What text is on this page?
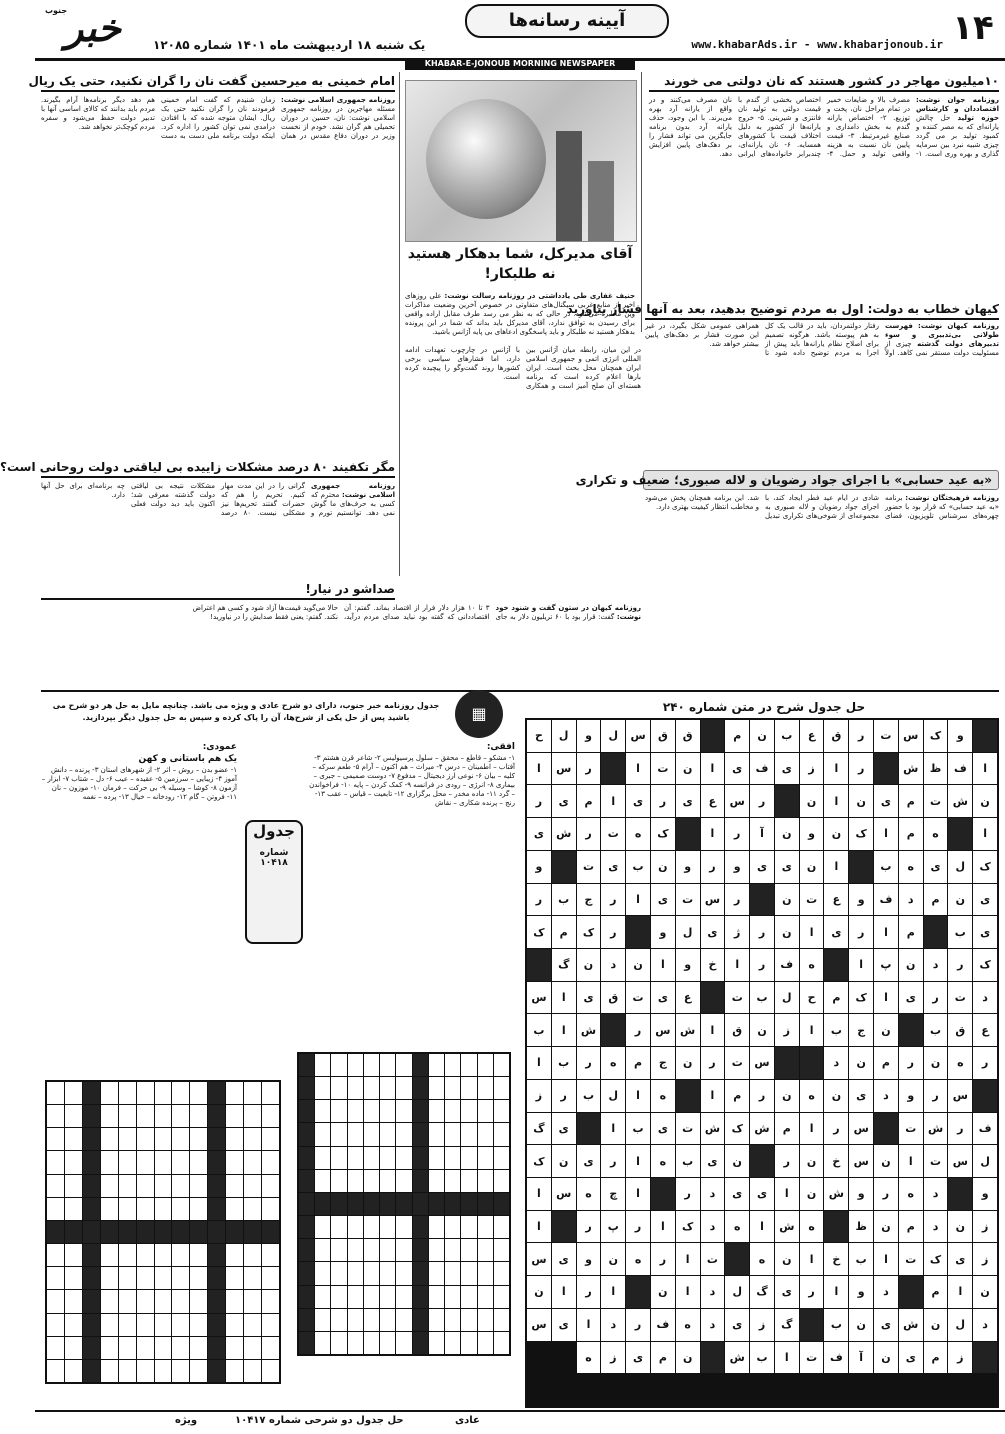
۱۴
www.khabarAds.ir - www.khabarjonoub.ir
آیینه رسانه‌ها
یک شنبه ۱۸ اردیبهشت ماه ۱۴۰۱ شماره ۱۲۰۸۵
جنوب
خبر
KHABAR-E-JONOUB MORNING NEWSPAPER
۱۰میلیون مهاجر در کشور هستند که نان دولتی می خورند
روزنامه جوان نوشت: اقتصاددان و کارشناس حوزه تولید حل چالش یارانه‌ای که به مصر کننده و کمبود تولید بر می گردد چیزی شبیه نبرد بین سرمایه گذاری و بهره وری است. ۱- مصرف بالا و ضایعات خمیر در تمام مراحل نان، پخت و توزیع. ۲- اختصاص یارانه گندم به بخش دامداری و صنایع غیرمرتبط. ۳- قیمت پایین نان نسبت به هزینه واقعی تولید و حمل. ۴- اختصاص بخشی از گندم با قیمت دولتی به تولید نان فانتزی و شیرینی. ۵- خروج یارانه‌ها از کشور به دلیل اختلاف قیمت با کشورهای همسایه. ۶- نان یارانه‌ای، چندبرابر خانواده‌های ایرانی نان مصرف می‌کنند و در واقع از یارانه آرد بهره می‌برند. با این وجود، حذف یارانه آرد بدون برنامه جایگزین می تواند فشار را بر دهک‌های پایین افزایش دهد.
آقای مدیرکل، شما بدهکار هستید نه طلبکار!
حنیف غفاری طی یادداشتی در روزنامه رسالت نوشت: علی روزهای اخیر از منابع غربی سیگنال‌های متفاوتی در خصوص آخرین وضعیت مذاکرات وین مخابره می‌شود. در حالی که به نظر می رسد طرف مقابل اراده واقعی برای رسیدن به توافق ندارد، آقای مدیرکل باید بداند که شما در این پرونده بدهکار هستید نه طلبکار و باید پاسخگوی ادعاهای بی پایه آژانس باشید.
امام خمینی به میرحسین گفت نان را گران نکنید، حتی یک ریال
روزنامه جمهوری اسلامی نوشت: مسئله مهاجرین در روزنامه جمهوری اسلامی نوشت: نان، حسین در دوران تحمیلی هم گران نشد. خودم از نخست وزیر در دوران دفاع مقدس در همان زمان شنیدم که گفت امام خمینی فرمودند نان را گران نکنید حتی یک ریال. ایشان متوجه شده که با افتادن درامدی نمی توان کشور را اداره کرد. اینکه دولت برنامه ملی دست به دست هم دهد دیگر برنامه‌ها آرام بگیرند. مردم باید بدانند که کالای اساسی آنها با تدبیر دولت حفظ می‌شود و سفره مردم کوچک‌تر نخواهد شد.
در این میان، رابطه میان آژانس بین المللی انرژی اتمی و جمهوری اسلامی ایران همچنان محل بحث است. ایران بارها اعلام کرده است که برنامه هسته‌ای آن صلح آمیز است و همکاری با آژانس در چارچوب تعهدات ادامه دارد، اما فشارهای سیاسی برخی کشورها روند گفت‌وگو را پیچیده کرده است.
کیهان خطاب به دولت: اول به مردم توضیح بدهید، بعد به آنها فشار بیاورید
روزنامه کیهان نوشت: فهرست طولانی بی‌تدبیری و سوء تدبیرهای دولت گذشته چیزی از مسئولیت دولت مستقر نمی کاهد. اولاً رفتار دولتمردان، باید در قالب یک کل به هم پیوسته باشد. هرگونه تصمیم برای اصلاح نظام یارانه‌ها باید پیش از اجرا به مردم توضیح داده شود تا همراهی عمومی شکل بگیرد، در غیر این صورت فشار بر دهک‌های پایین بیشتر خواهد شد.
«به عید حسابی» با اجرای جواد رضویان و لاله صبوری؛ ضعیف و تکراری
روزنامه فرهیختگان نوشت: برنامه «به عید حسابی» که قرار بود با حضور چهره‌های سرشناس تلویزیون، فضای شادی در ایام عید فطر ایجاد کند، با اجرای جواد رضویان و لاله صبوری به مجموعه‌ای از شوخی‌های تکراری تبدیل شد. این برنامه همچنان پخش می‌شود و مخاطب انتظار کیفیت بهتری دارد.
مگر تکفیند ۸۰ درصد مشکلات زاییده بی لیاقتی دولت روحانی است؟
روزنامه جمهوری اسلامی نوشت: محترم که کسی به حرف‌های ما گوش نمی دهد. توانستیم تورم و گرانی را در این مدت مهار کنیم. تحریم را هم که حضرات گفتند تحریم‌ها نیز مشکلی نیست. ۸۰ درصد مشکلات نتیجه بی لیاقتی دولت گذشته معرفی شد؛ اکنون باید دید دولت فعلی چه برنامه‌ای برای حل آنها دارد.
صداشو در نیار!
روزنامه کیهان در ستون گفت و شنود خود نوشت: گفت: قرار بود با ۶۰ تریلیون دلار به جای ۳ تا ۱۰ هزار دلار فرار از اقتصاد بماند. گفتم: آن اقتصاددانی که گفته بود نباید صدای مردم درآید، حالا می‌گوید قیمت‌ها آزاد شود و کسی هم اعتراض نکند. گفتم: یعنی فقط صدایش را در نیاورید!
▦
جدول روزنامه خبر جنوب، دارای دو شرح عادی و ویژه می باشد. چنانچه مایل به حل هر دو شرح می باشید پس از حل یکی از شرح‌ها، آن را پاک کرده و سپس به حل جدول دیگر بپردازید.
حل جدول شرح در متن شماره ۲۴۰
و
ک
س
ت
ر
ق
ع
ب
ن
م
ق
ق
س
ل
و
ل
ح
ا
ف
ظ
ش
ر
ا
ز
ی
ف
ی
ا
ن
ت
ا
ر
س
ا
ن
ش
ت
م
ی
ن
ا
ن
ر
س
ع
ی
ر
ی
ا
م
ی
ر
ا
ه
م
ا
ک
ن
و
ن
آ
ر
ا
ک
ه
ت
ر
ش
ی
ک
ل
ی
ه
ب
ا
ن
ی
ی
و
ر
و
ن
ب
ی
ت
و
ی
ن
م
د
ف
و
ع
ت
ن
ر
س
ت
ی
ا
ر
ج
ب
ر
ی
ب
م
ا
ر
ی
ا
ن
ر
ژ
ی
ل
و
ر
ک
م
ک
ک
ر
د
ن
پ
ا
ه
ف
ر
ا
خ
و
ا
ن
د
ن
گ
د
ت
ر
ی
ا
ک
م
ح
ل
ب
ت
ع
ی
ت
ق
ی
ا
س
ع
ق
ب
ن
ج
ب
ا
ز
ن
ق
ا
ش
س
ر
ش
ا
ب
ر
ه
ن
ر
م
ن
د
س
ت
ر
ن
ج
م
ه
ر
ب
ا
س
ر
و
د
ی
ن
ه
ن
ر
م
ا
ه
ا
ل
ب
ر
ز
ف
ر
ش
ت
س
ر
ا
م
ش
ک
ش
ت
ی
ب
ا
ی
گ
ل
س
ت
ا
ن
س
خ
ن
ر
ن
ی
ب
ه
ا
ر
ی
ن
ک
و
د
ه
ر
و
ش
ن
ا
ی
ی
د
ر
ا
چ
ه
س
ا
ز
ن
د
م
ن
ظ
ه
ش
ا
ه
د
ک
ا
ر
پ
ر
ا
ز
ی
ک
ت
ا
ب
خ
ا
ن
ه
ت
ا
ر
ه
ن
و
ی
س
ن
ا
م
د
و
ا
ر
ی
گ
ل
د
ا
ن
ا
ر
ا
ن
د
ل
ن
ش
ی
ن
ب
گ
ز
ی
د
ه
ف
ر
د
ا
ی
س
ز
م
ی
ن
آ
ف
ت
ا
ب
ش
ن
م
ی
ز
ه
افقی:
۱- مشکو – قاطع – محقق – سلول پرسیولیس ۲- شاعر قرن هشتم ۳- آفتاب – اطمینان – درس ۴- میراث – هم اکنون – آرام ۵- طعم سرکه – کلیه – بیان ۶- نوعی ارز دیجیتال – مدفوع ۷- دوست صمیمی – جبری – بیماری ۸- انرژی – رودی در فرانسه ۹- کمک کردن – پایه ۱۰- فراخواندن – گرد ۱۱- ماده مخدر – محل برگزاری ۱۲- تابعیت – قیاس – عقب ۱۳- رنج – پرنده شکاری – نقاش
جدول
شماره ۱۰۴۱۸
عمودی:
یک هم باستانی و کهن
۱- عضو بدن – روش – اثر ۲- از شهرهای استان ۳- پرنده – دانش آموز ۴- زیبایی – سرزمین ۵- عقیده – عیب ۶- دل – شتاب ۷- ابزار – آزمون ۸- کوشا – وسیله ۹- بی حرکت – فرمان ۱۰- موزون – نان ۱۱- فروتن – گام ۱۲- رودخانه – خیال ۱۳- پرده – نغمه
حل جدول دو شرحی شماره ۱۰۴۱۷
ویژه	عادی
